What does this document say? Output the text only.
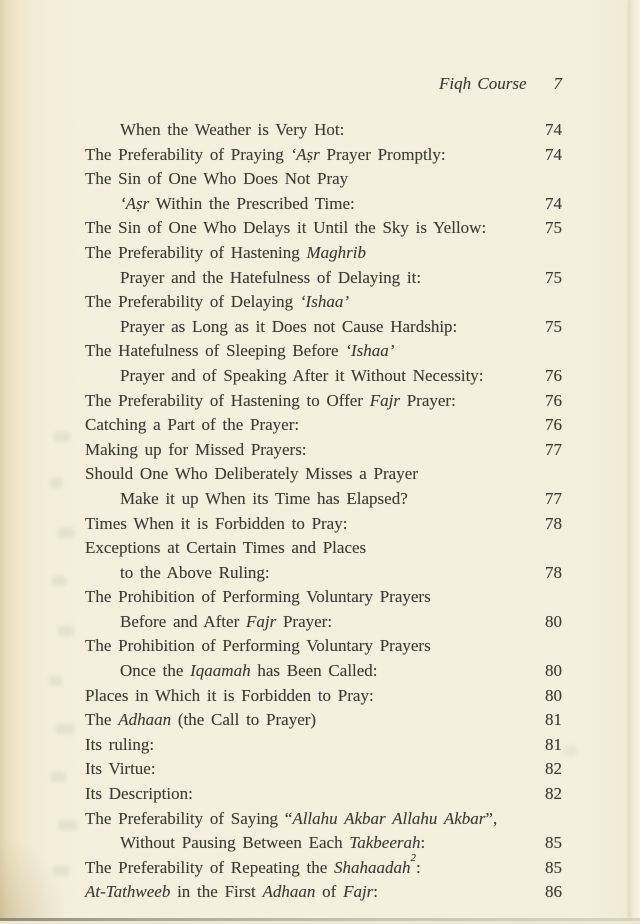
Fiqh Course 7
When the Weather is Very Hot:	74
The Preferability of Praying ‘Aṣr Prayer Promptly:	74
The Sin of One Who Does Not Pray
‘Aṣr Within the Prescribed Time:	74
The Sin of One Who Delays it Until the Sky is Yellow:	75
The Preferability of Hastening Maghrib
Prayer and the Hatefulness of Delaying it:	75
The Preferability of Delaying ‘Ishaa’
Prayer as Long as it Does not Cause Hardship:	75
The Hatefulness of Sleeping Before ‘Ishaa’
Prayer and of Speaking After it Without Necessity:	76
The Preferability of Hastening to Offer Fajr Prayer:	76
Catching a Part of the Prayer:	76
Making up for Missed Prayers:	77
Should One Who Deliberately Misses a Prayer
Make it up When its Time has Elapsed?	77
Times When it is Forbidden to Pray:	78
Exceptions at Certain Times and Places
to the Above Ruling:	78
The Prohibition of Performing Voluntary Prayers
Before and After Fajr Prayer:	80
The Prohibition of Performing Voluntary Prayers
Once the Iqaamah has Been Called:	80
Places in Which it is Forbidden to Pray:	80
The Adhaan (the Call to Prayer)	81
Its ruling:	81
Its Virtue:	82
Its Description:	82
The Preferability of Saying “Allahu Akbar Allahu Akbar”,
Without Pausing Between Each Takbeerah:	85
The Preferability of Repeating the Shahaadah$^2$:	85
At-Tathweeb in the First Adhaan of Fajr:	86
